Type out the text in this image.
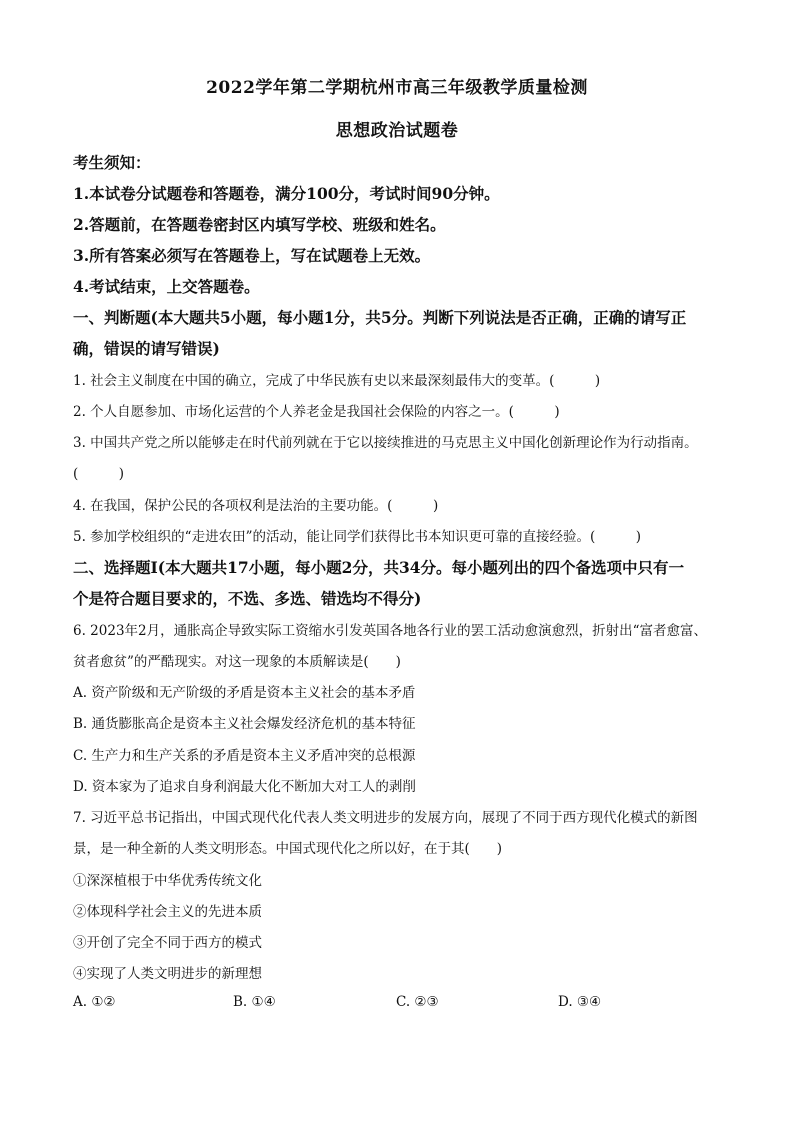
2022学年第二学期杭州市高三年级教学质量检测
思想政治试题卷
考生须知：
1.本试卷分试题卷和答题卷，满分100分，考试时间90分钟。
2.答题前，在答题卷密封区内填写学校、班级和姓名。
3.所有答案必须写在答题卷上，写在试题卷上无效。
4.考试结束，上交答题卷。
一、判断题(本大题共5小题，每小题1分，共5分。判断下列说法是否正确，正确的请写正
确，错误的请写错误)
1. 社会主义制度在中国的确立，完成了中华民族有史以来最深刻最伟大的变革。(　　　)
2. 个人自愿参加、市场化运营的个人养老金是我国社会保险的内容之一。(　　　)
3. 中国共产党之所以能够走在时代前列就在于它以接续推进的马克思主义中国化创新理论作为行动指南。
(　　　)
4. 在我国，保护公民的各项权利是法治的主要功能。(　　　)
5. 参加学校组织的“走进农田”的活动，能让同学们获得比书本知识更可靠的直接经验。(　　　)
二、选择题Ⅰ(本大题共17小题，每小题2分，共34分。每小题列出的四个备选项中只有一
个是符合题目要求的，不选、多选、错选均不得分)
6. 2023年2月，通胀高企导致实际工资缩水引发英国各地各行业的罢工活动愈演愈烈，折射出“富者愈富、
贫者愈贫”的严酷现实。对这一现象的本质解读是(　　)
A. 资产阶级和无产阶级的矛盾是资本主义社会的基本矛盾
B. 通货膨胀高企是资本主义社会爆发经济危机的基本特征
C. 生产力和生产关系的矛盾是资本主义矛盾冲突的总根源
D. 资本家为了追求自身利润最大化不断加大对工人的剥削
7. 习近平总书记指出，中国式现代化代表人类文明进步的发展方向，展现了不同于西方现代化模式的新图
景，是一种全新的人类文明形态。中国式现代化之所以好，在于其(　　)
①深深植根于中华优秀传统文化
②体现科学社会主义的先进本质
③开创了完全不同于西方的模式
④实现了人类文明进步的新理想
A. ①②	B. ①④	C. ②③	D. ③④
